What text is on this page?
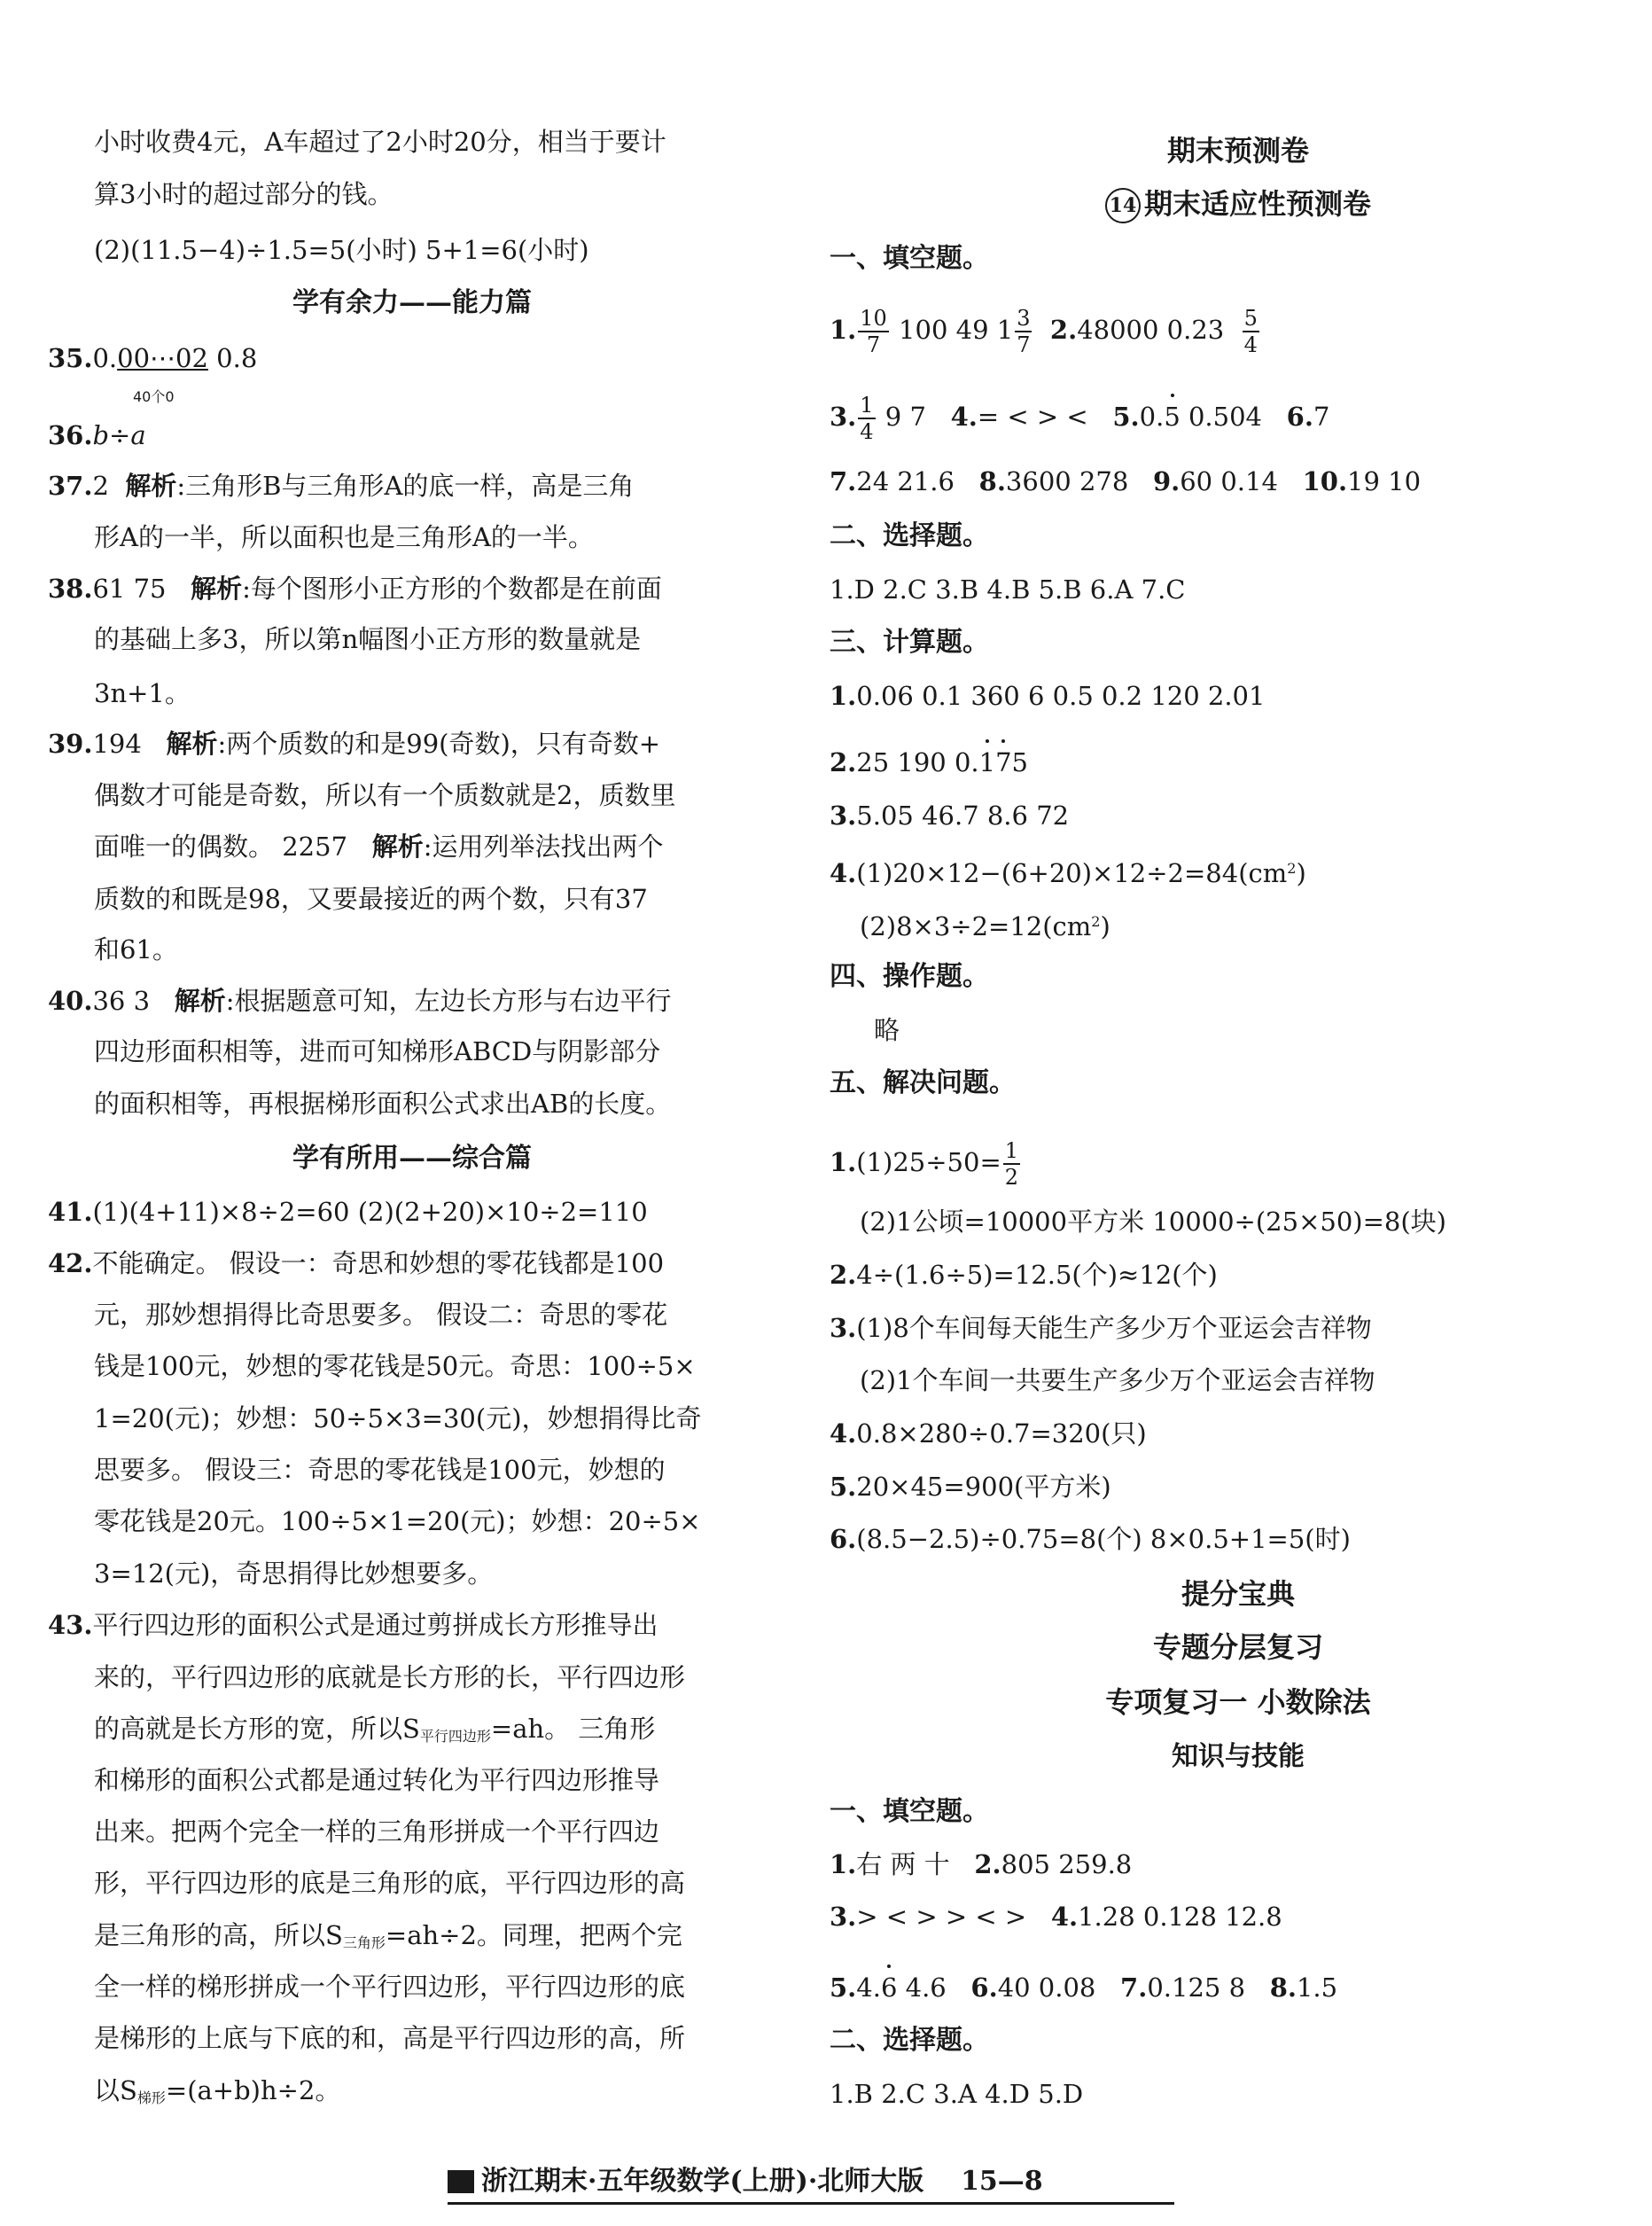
小时收费4元，A车超过了2小时20分，相当于要计
算3小时的超过部分的钱。
(2)(11.5−4)÷1.5=5(小时) 5+1=6(小时)
学有余力——能力篇
35.0.00⋯02 0.8
40个0
36.b÷a
37.2 解析:三角形B与三角形A的底一样，高是三角
形A的一半，所以面积也是三角形A的一半。
38.61 75 解析:每个图形小正方形的个数都是在前面
的基础上多3，所以第n幅图小正方形的数量就是
3n+1。
39.194 解析:两个质数的和是99(奇数)，只有奇数+
偶数才可能是奇数，所以有一个质数就是2，质数里
面唯一的偶数。 2257 解析:运用列举法找出两个
质数的和既是98，又要最接近的两个数，只有37
和61。
40.36 3 解析:根据题意可知，左边长方形与右边平行
四边形面积相等，进而可知梯形ABCD与阴影部分
的面积相等，再根据梯形面积公式求出AB的长度。
学有所用——综合篇
41.(1)(4+11)×8÷2=60 (2)(2+20)×10÷2=110
42.不能确定。 假设一：奇思和妙想的零花钱都是100
元，那妙想捐得比奇思要多。 假设二：奇思的零花
钱是100元，妙想的零花钱是50元。奇思：100÷5×
1=20(元)；妙想：50÷5×3=30(元)，妙想捐得比奇
思要多。 假设三：奇思的零花钱是100元，妙想的
零花钱是20元。100÷5×1=20(元)；妙想：20÷5×
3=12(元)，奇思捐得比妙想要多。
43.平行四边形的面积公式是通过剪拼成长方形推导出
来的，平行四边形的底就是长方形的长，平行四边形
的高就是长方形的宽，所以$S_{平行四边形}=ah$。 三角形
和梯形的面积公式都是通过转化为平行四边形推导
出来。把两个完全一样的三角形拼成一个平行四边
形，平行四边形的底是三角形的底，平行四边形的高
是三角形的高，所以$S_{三角形}=ah\div 2$。同理，把两个完
全一样的梯形拼成一个平行四边形，平行四边形的底
是梯形的上底与下底的和，高是平行四边形的高，所
以$S_{梯形}=(a+b)h\div 2$。
期末预测卷
14 期末适应性预测卷
一、填空题。
1. $\frac{10}{7} 100$ 49 $1 \frac{3}{7} 2.48000$ $0.23 \frac{5}{4}$
3. $\frac{1}{4} 9$ 7 4.= < > < 5.0.5 0.504 6.7
7.24 21.6 8.3600 278 9.60 0.14 10.19 10
二、选择题。
1.D 2.C 3.B 4.B 5.B 6.A 7.C
三、计算题。
1.0.06 0.1 360 6 0.5 0.2 120 2.01
2.25 190 0.175
3.5.05 46.7 8.6 72
$4.(1)20\times 12-(6+20)\times 12\div 2=84(cm^2)$
$(2)8\times 3\div 2=12(cm^2)$
四、操作题。
略
五、解决问题。
$1.(1)25\div 50= \frac{1}{2}$
(2)1公顷=10000平方米 10000÷(25×50)=8(块)
2.4÷(1.6÷5)=12.5(个)≈12(个)
3.(1)8个车间每天能生产多少万个亚运会吉祥物
(2)1个车间一共要生产多少万个亚运会吉祥物
4.0.8×280÷0.7=320(只)
5.20×45=900(平方米)
6.(8.5−2.5)÷0.75=8(个) 8×0.5+1=5(时)
提分宝典
专题分层复习
专项复习一 小数除法
知识与技能
一、填空题。
1.右 两 十 2.805 259.8
3.> < > > < > 4.1.28 0.128 12.8
5.4.6 4.6 6.40 0.08 7.0.125 8 8.1.5
二、选择题。
1.B 2.C 3.A 4.D 5.D
浙江期末·五年级数学(上册)·北师大版 15—8
